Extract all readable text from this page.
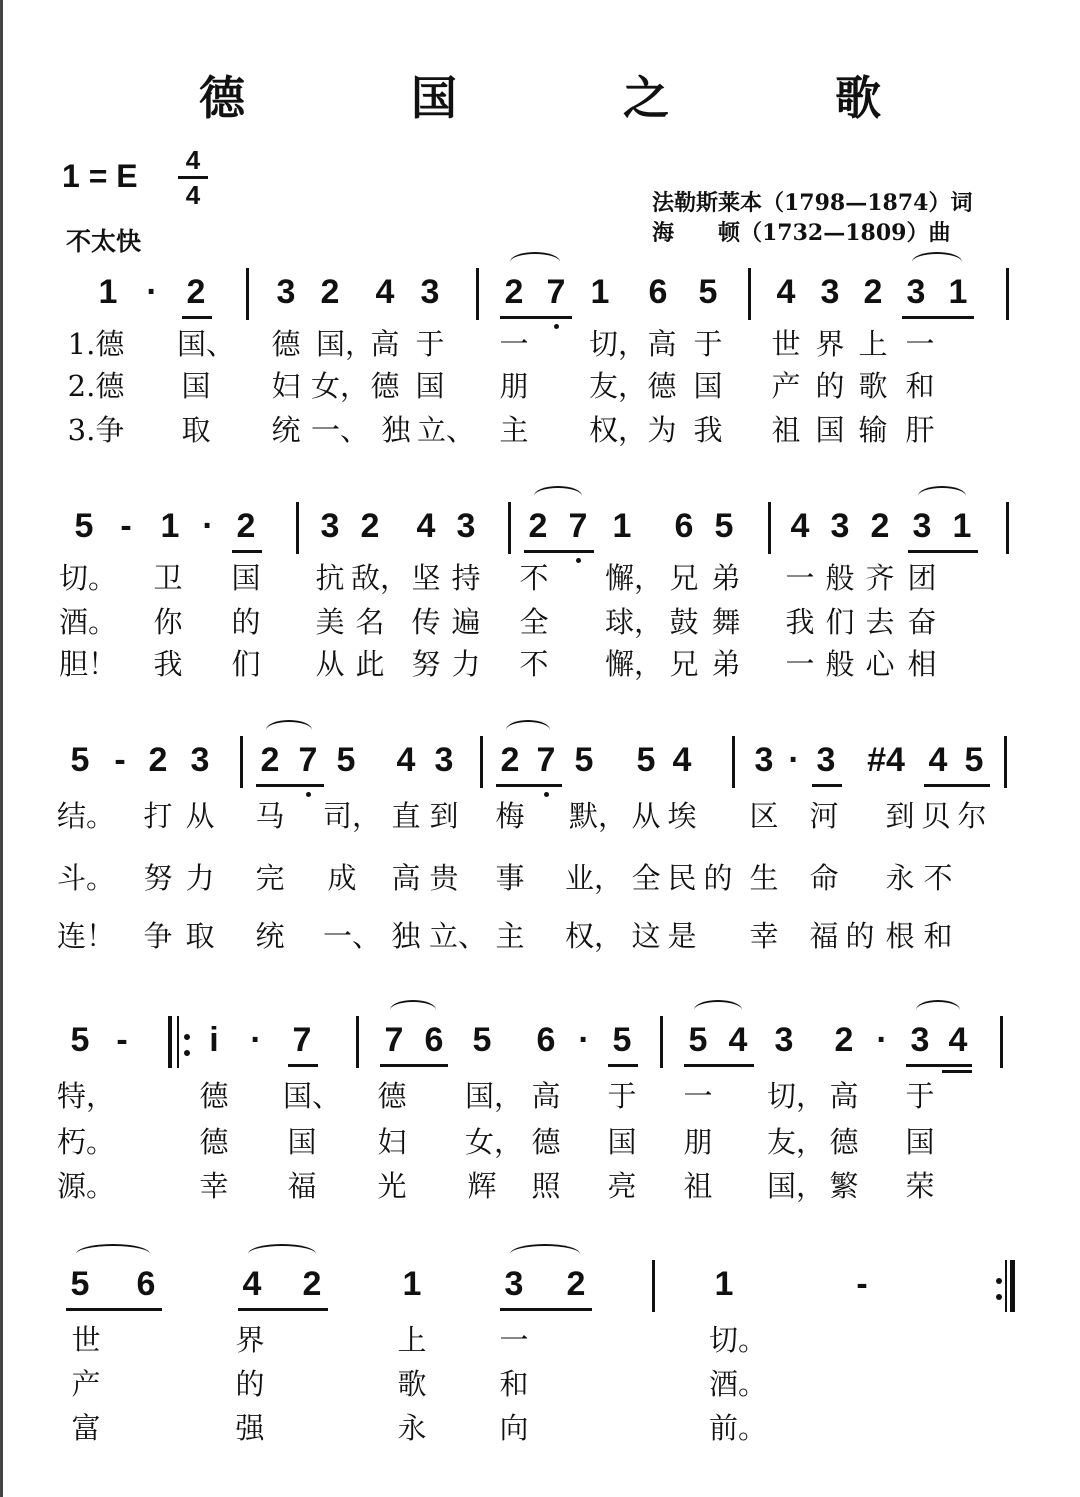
德　国　之　歌
1 = E 4
4
不太快
法勒斯莱本（1798—1874）词
海　　顿（1732—1809）曲
1 · 2 3 2 4 3 2 7 1 6 5 4 3 2 3 1
1.德 国、 德 国，
高 于 一 切， 高 于 世 界 上 一
2.德 国 妇 女， 德 国 朋 友， 德 国 产 的 歌 和
3.争 取 统 一、 独 立、 主 权， 为 我 祖 国 输 肝
5 - 1 · 2 3 2 4 3 2 7 1 6 5 4 3 2 3 1
切。 卫 国 抗 敌， 坚 持 不 懈， 兄 弟 一 般 齐 团
酒。 你 的 美 名 传 遍 全 球， 鼓 舞 我 们 去 奋
胆！ 我 们 从 此 努 力 不 懈， 兄 弟 一 般 心 相
5 - 2 3 2 7 5 4 3 2 7 5 5 4 3 · 3 #4 4 5
结。 打 从 马 司， 直 到 梅 默， 从 埃 区 河 到 贝 尔
斗。 努 力 完 成 高 贵 事 业， 全 民 的 生 命 永 不
连！ 争 取 统 一、 独 立、 主 权， 这 是 幸 福 的 根 和
5 - i · 7 7 6 5 6 · 5 5 4 3 2 · 3 4
特，	德 国、 德 国， 高 于 一 切， 高 于
朽。	德 国 妇 女， 德 国 朋 友， 德 国
源。	幸 福 光 辉 照 亮 祖 国， 繁 荣
5 6	4 2 1 3 2	1	-
世	界	上	一	切。
产	的	歌	和	酒。
富	强	永	向	前。
